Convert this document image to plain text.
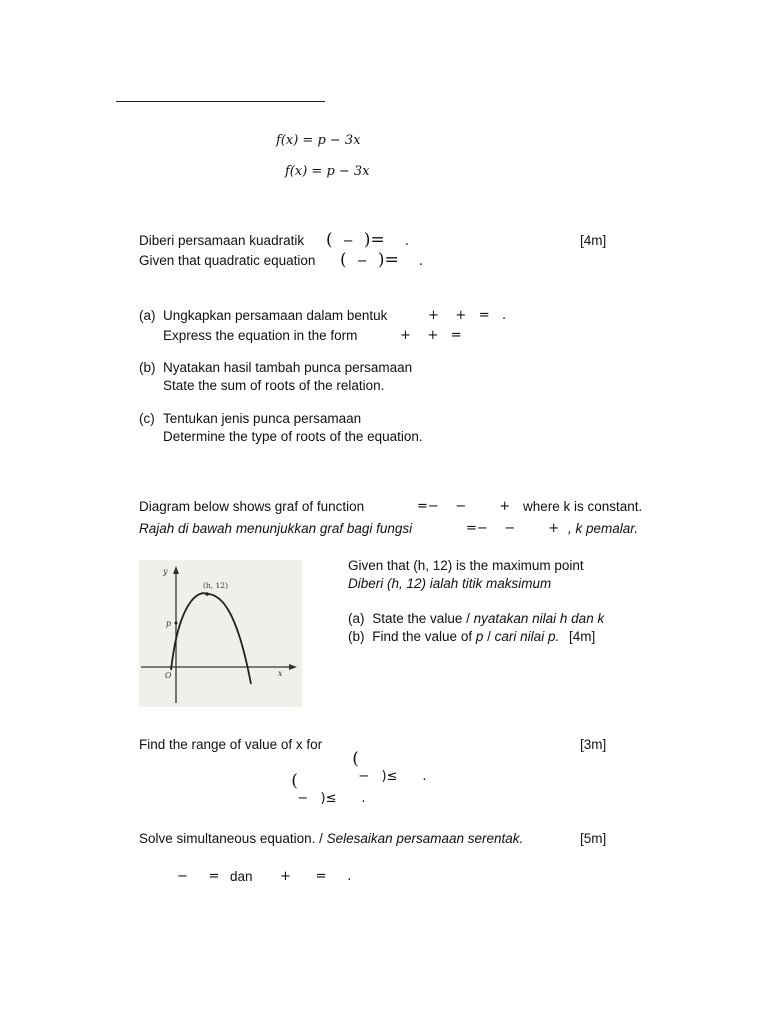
f(x) = p − 3x
f(x) = p − 3x
Diberi persamaan kuadratik ( − )= .	[4m]
Given that quadratic equation ( − )= .
(a) Ungkapkan persamaan dalam bentuk	+    +   =   .
Express the equation in the form	+    +   =
(b) Nyatakan hasil tambah punca persamaan
State the sum of roots of the relation.
(c) Tentukan jenis punca persamaan
Determine the type of roots of the equation.
Diagram below shows graf of function	=−    −        + where k is constant.
Rajah di bawah menunjukkan graf bagi fungsi	=−    −        + , k pemalar.
(h, 12)
y
x
p
O
Given that (h, 12) is the maximum point
Diberi (h, 12) ialah titik maksimum
(a) State the value / nyatakan nilai h dan k
(b) Find the value of p / cari nilai p. [4m]
Find the range of value of x for

(
−   )≤      .

[3m]

(
−   )≤      .

Solve simultaneous equation. / Selesaikan persamaan serentak.	[5m]
−     = dan +      =     .
